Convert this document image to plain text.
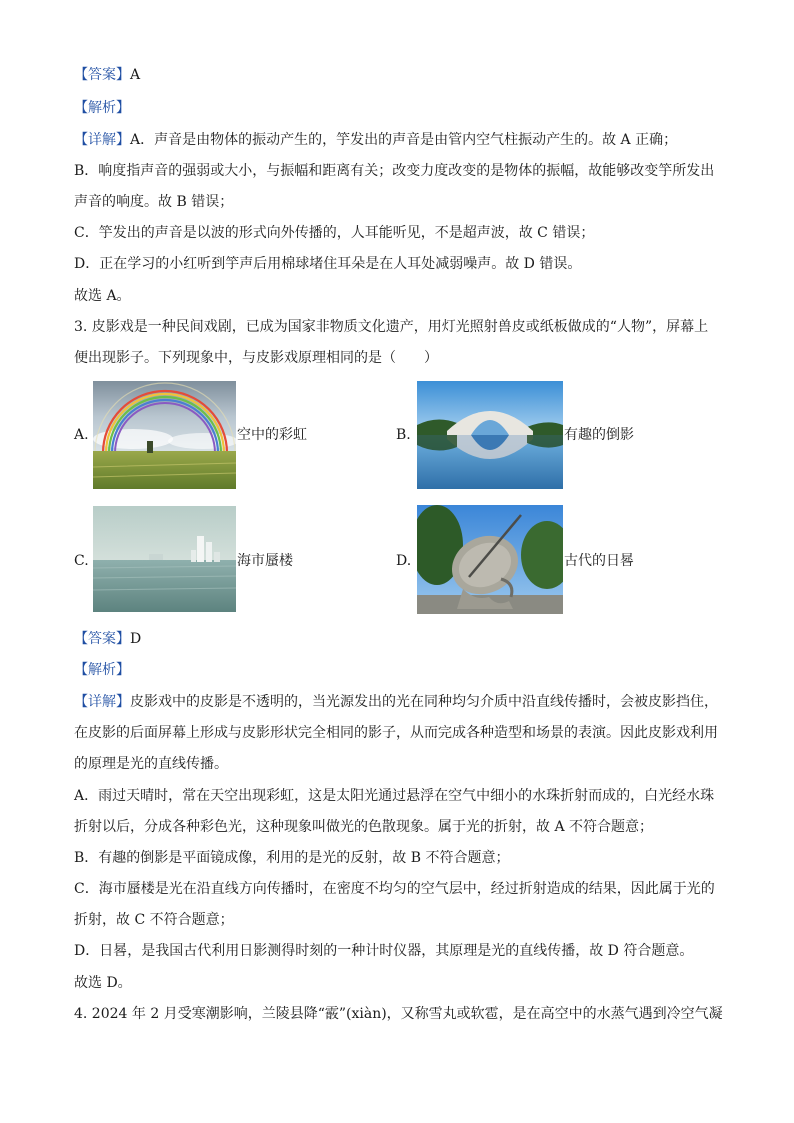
【答案】A
【解析】
【详解】A．声音是由物体的振动产生的，竽发出的声音是由管内空气柱振动产生的。故 A 正确；
B．响度指声音的强弱或大小，与振幅和距离有关；改变力度改变的是物体的振幅，故能够改变竽所发出
声音的响度。故 B 错误；
C．竽发出的声音是以波的形式向外传播的，人耳能听见，不是超声波，故 C 错误；
D．正在学习的小红听到竽声后用棉球堵住耳朵是在人耳处减弱噪声。故 D 错误。
故选 A。
3. 皮影戏是一种民间戏剧，已成为国家非物质文化遗产，用灯光照射兽皮或纸板做成的“人物”，屏幕上
便出现影子。下列现象中，与皮影戏原理相同的是（　　）
A.	空中的彩虹	B.	有趣的倒影
C.	海市蜃楼	D.	古代的日晷
【答案】D
【解析】
【详解】皮影戏中的皮影是不透明的，当光源发出的光在同种均匀介质中沿直线传播时，会被皮影挡住，
在皮影的后面屏幕上形成与皮影形状完全相同的影子，从而完成各种造型和场景的表演。因此皮影戏利用
的原理是光的直线传播。
A．雨过天晴时，常在天空出现彩虹，这是太阳光通过悬浮在空气中细小的水珠折射而成的，白光经水珠
折射以后，分成各种彩色光，这种现象叫做光的色散现象。属于光的折射，故 A 不符合题意；
B．有趣的倒影是平面镜成像，利用的是光的反射，故 B 不符合题意；
C．海市蜃楼是光在沿直线方向传播时，在密度不均匀的空气层中，经过折射造成的结果，因此属于光的
折射，故 C 不符合题意；
D．日晷，是我国古代利用日影测得时刻的一种计时仪器，其原理是光的直线传播，故 D 符合题意。
故选 D。
4. 2024 年 2 月受寒潮影响，兰陵县降“霰”(xiàn)，又称雪丸或软雹，是在高空中的水蒸气遇到冷空气凝
